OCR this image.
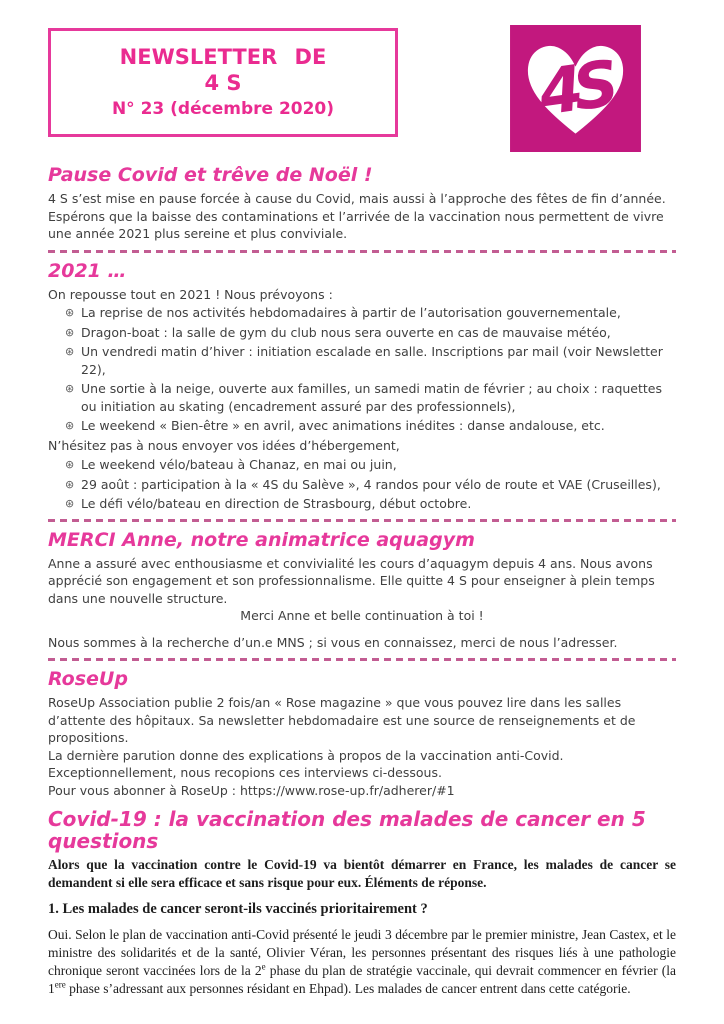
NEWSLETTER DE
4 S
N° 23 (décembre 2020)	4S
Pause Covid et trêve de Noël !

4 S s’est mise en pause forcée à cause du Covid, mais aussi à l’approche des fêtes de fin d’année. Espérons que la baisse des contaminations et l’arrivée de la vaccination nous permettent de vivre une année 2021 plus sereine et plus conviviale.

2021 …

On repousse tout en 2021 ! Nous prévoyons :

⊛ La reprise de nos activités hebdomadaires à partir de l’autorisation gouvernementale,
⊛ Dragon-boat : la salle de gym du club nous sera ouverte en cas de mauvaise météo,
⊛ Un vendredi matin d’hiver : initiation escalade en salle. Inscriptions par mail (voir Newsletter 22),
⊛ Une sortie à la neige, ouverte aux familles, un samedi matin de février ; au choix : raquettes ou initiation au skating (encadrement assuré par des professionnels),
⊛ Le weekend « Bien-être » en avril, avec animations inédites : danse andalouse, etc.
N’hésitez pas à nous envoyer vos idées d’hébergement,
⊛ Le weekend vélo/bateau à Chanaz, en mai ou juin,
⊛ 29 août : participation à la « 4S du Salève », 4 randos pour vélo de route et VAE (Cruseilles),
⊛ Le défi vélo/bateau en direction de Strasbourg, début octobre.
MERCI Anne, notre animatrice aquagym

Anne a assuré avec enthousiasme et convivialité les cours d’aquagym depuis 4 ans. Nous avons apprécié son engagement et son professionnalisme. Elle quitte 4 S pour enseigner à plein temps dans une nouvelle structure.

Merci Anne et belle continuation à toi !

Nous sommes à la recherche d’un.e MNS ; si vous en connaissez, merci de nous l’adresser.

RoseUp

RoseUp Association publie 2 fois/an « Rose magazine » que vous pouvez lire dans les salles d’attente des hôpitaux. Sa newsletter hebdomadaire est une source de renseignements et de propositions.

La dernière parution donne des explications à propos de la vaccination anti-Covid.
Exceptionnellement, nous recopions ces interviews ci-dessous.
Pour vous abonner à RoseUp : https://www.rose-up.fr/adherer/#1
Covid-19 : la vaccination des malades de cancer en 5 questions

Alors que la vaccination contre le Covid-19 va bientôt démarrer en France, les malades de cancer se demandent si elle sera efficace et sans risque pour eux. Éléments de réponse.

1. Les malades de cancer seront-ils vaccinés prioritairement ?

Oui. Selon le plan de vaccination anti-Covid présenté le jeudi 3 décembre par le premier ministre, Jean Castex, et le ministre des solidarités et de la santé, Olivier Véran, les personnes présentant des risques liés à une pathologie chronique seront vaccinées lors de la 2e phase du plan de stratégie vaccinale, qui devrait commencer en février (la 1ere phase s’adressant aux personnes résidant en Ehpad). Les malades de cancer entrent dans cette catégorie.
